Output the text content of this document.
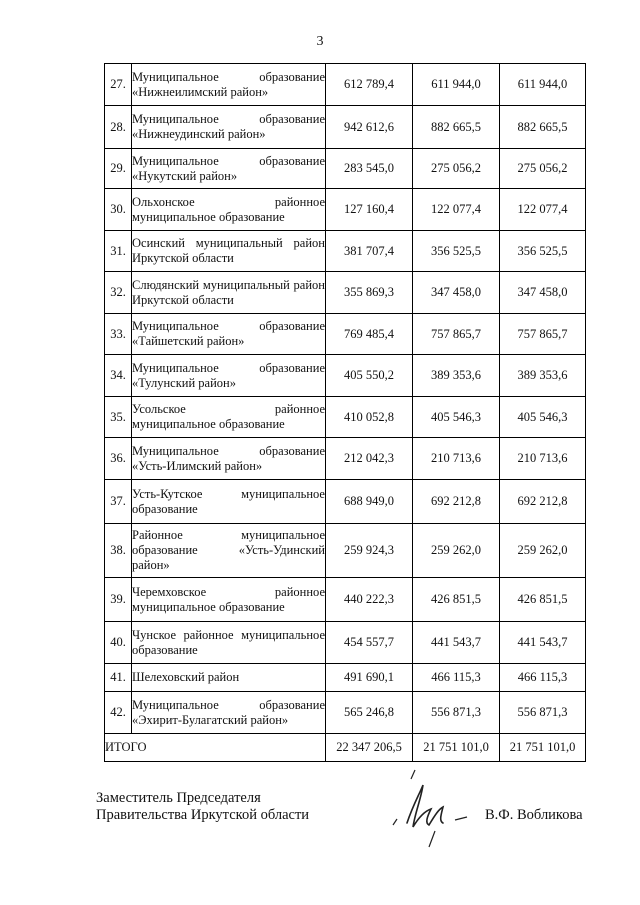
3
27.	Муниципальное образование «Нижнеилимский район»	612 789,4	611 944,0	611 944,0
28.	Муниципальное образование «Нижнеудинский район»	942 612,6	882 665,5	882 665,5
29.	Муниципальное образование «Нукутский район»	283 545,0	275 056,2	275 056,2
30.	Ольхонское районное муниципальное образование	127 160,4	122 077,4	122 077,4
31.	Осинский муниципальный район Иркутской области	381 707,4	356 525,5	356 525,5
32.	Слюдянский муниципальный район Иркутской области	355 869,3	347 458,0	347 458,0
33.	Муниципальное образование «Тайшетский район»	769 485,4	757 865,7	757 865,7
34.	Муниципальное образование «Тулунский район»	405 550,2	389 353,6	389 353,6
35.	Усольское районное муниципальное образование	410 052,8	405 546,3	405 546,3
36.	Муниципальное образование «Усть-Илимский район»	212 042,3	210 713,6	210 713,6
37.	Усть-Кутское муниципальное образование	688 949,0	692 212,8	692 212,8
38.	Районное муниципальное образование «Усть-Удинский район»	259 924,3	259 262,0	259 262,0
39.	Черемховское районное муниципальное образование	440 222,3	426 851,5	426 851,5
40.	Чунское районное муниципальное образование	454 557,7	441 543,7	441 543,7
41.	Шелеховский район	491 690,1	466 115,3	466 115,3
42.	Муниципальное образование «Эхирит-Булагатский район»	565 246,8	556 871,3	556 871,3
ИТОГО		22 347 206,5	21 751 101,0	21 751 101,0
Заместитель Председателя
Правительства Иркутской области	В.Ф. Вобликова
